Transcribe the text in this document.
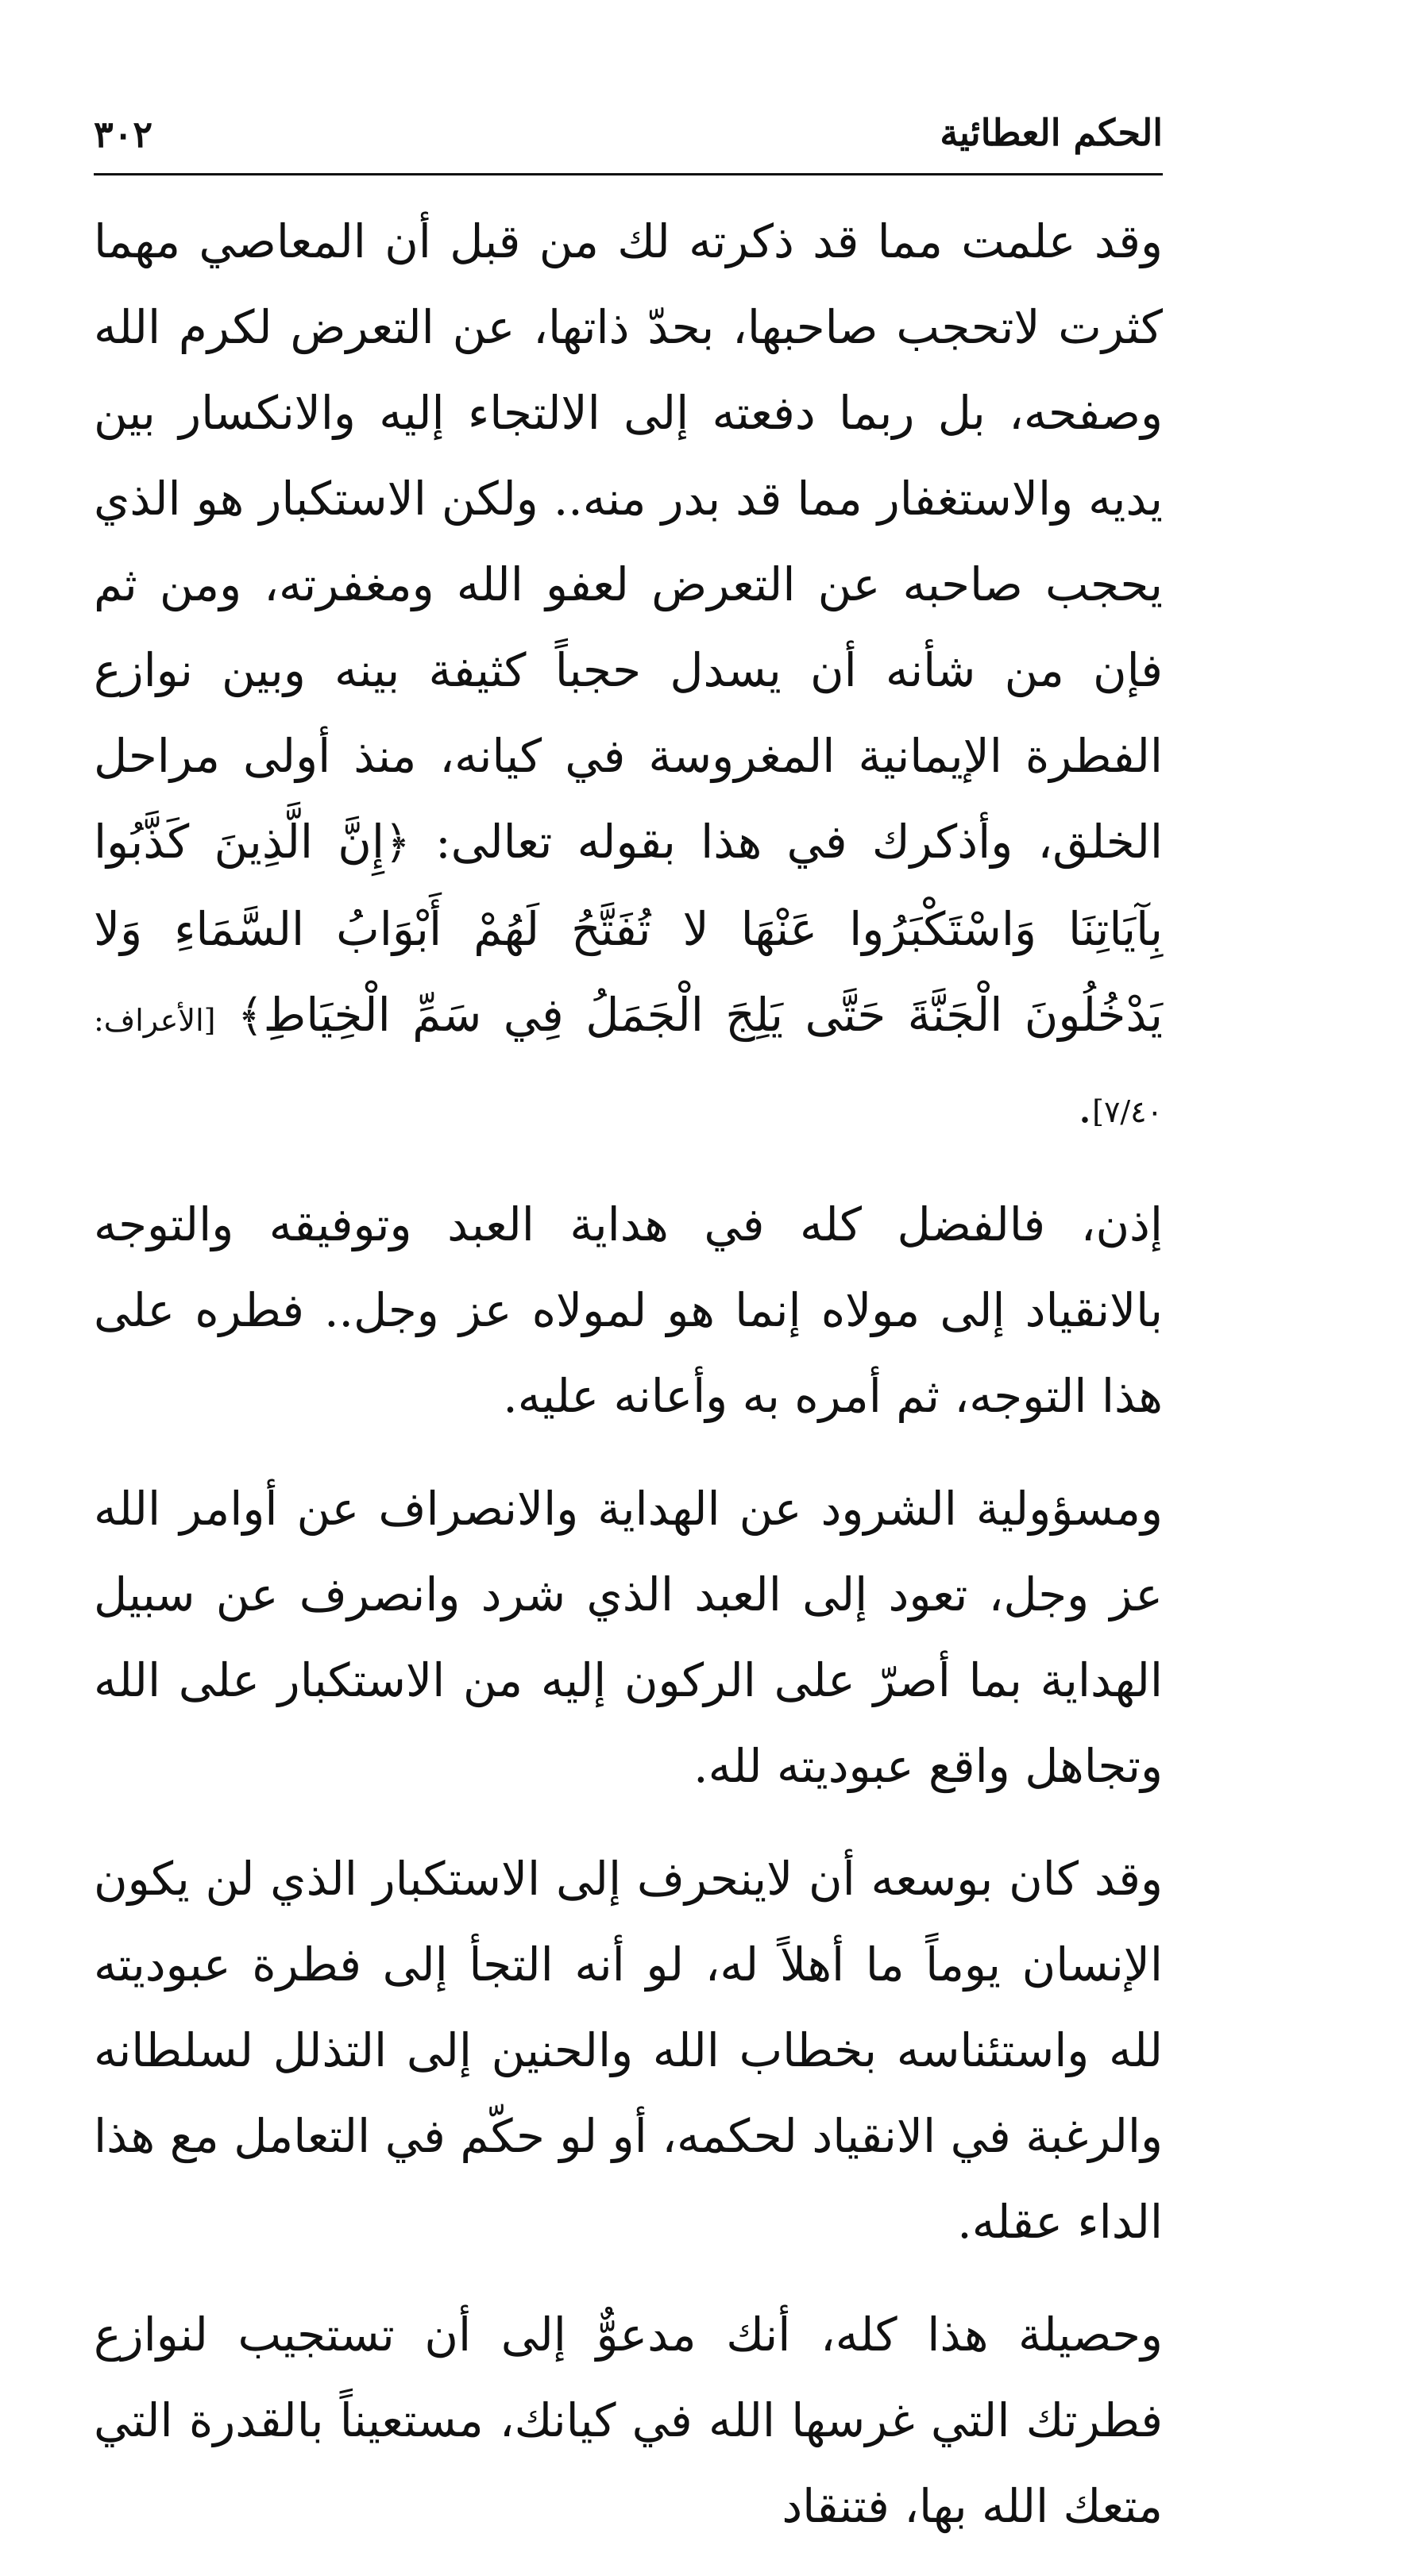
٣٠٢	الحكم العطائية

وقد علمت مما قد ذكرته لك من قبل أن المعاصي مهما كثرت لاتحجب صاحبها، بحدّ ذاتها، عن التعرض لكرم الله وصفحه، بل ربما دفعته إلى الالتجاء إليه والانكسار بين يديه والاستغفار مما قد بدر منه.. ولكن الاستكبار هو الذي يحجب صاحبه عن التعرض لعفو الله ومغفرته، ومن ثم فإن من شأنه أن يسدل حجباً كثيفة بينه وبين نوازع الفطرة الإيمانية المغروسة في كيانه، منذ أولى مراحل الخلق، وأذكرك في هذا بقوله تعالى: ﴿إِنَّ الَّذِينَ كَذَّبُوا بِآيَاتِنَا وَاسْتَكْبَرُوا عَنْهَا لا تُفَتَّحُ لَهُمْ أَبْوَابُ السَّمَاءِ وَلا يَدْخُلُونَ الْجَنَّةَ حَتَّى يَلِجَ الْجَمَلُ فِي سَمِّ الْخِيَاطِ﴾ [الأعراف: ٧/٤٠].

إذن، فالفضل كله في هداية العبد وتوفيقه والتوجه بالانقياد إلى مولاه إنما هو لمولاه عز وجل.. فطره على هذا التوجه، ثم أمره به وأعانه عليه.

ومسؤولية الشرود عن الهداية والانصراف عن أوامر الله عز وجل، تعود إلى العبد الذي شرد وانصرف عن سبيل الهداية بما أصرّ على الركون إليه من الاستكبار على الله وتجاهل واقع عبوديته لله.

وقد كان بوسعه أن لاينحرف إلى الاستكبار الذي لن يكون الإنسان يوماً ما أهلاً له، لو أنه التجأ إلى فطرة عبوديته لله واستئناسه بخطاب الله والحنين إلى التذلل لسلطانه والرغبة في الانقياد لحكمه، أو لو حكّم في التعامل مع هذا الداء عقله.

وحصيلة هذا كله، أنك مدعوٌّ إلى أن تستجيب لنوازع فطرتك التي غرسها الله في كيانك، مستعيناً بالقدرة التي متعك الله بها، فتنقاد
